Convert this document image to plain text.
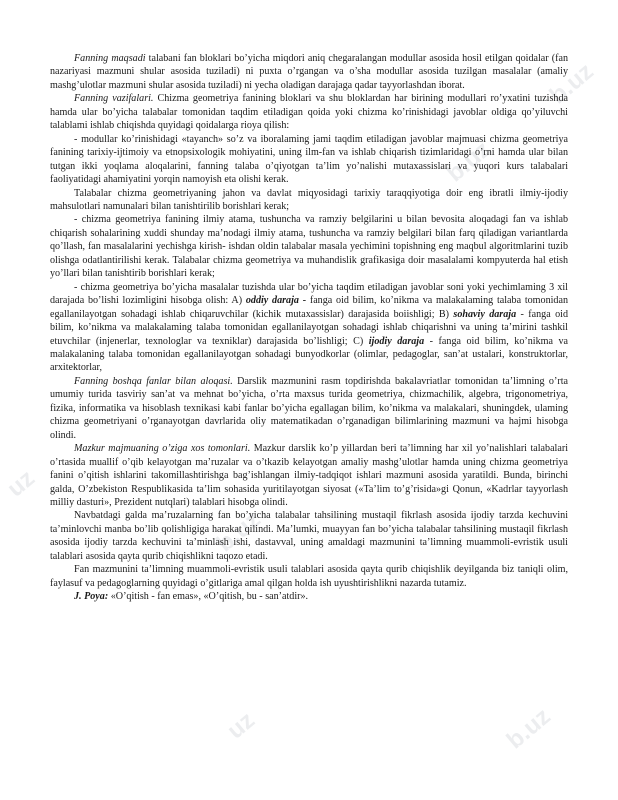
b.uz
b.uz
uz
b.uz
uz	b.uz

Fanning maqsadi talabani fan bloklari bo’yicha miqdori aniq chegaralangan modullar asosida hosil etilgan qoidalar (fan nazariyasi mazmuni shular asosida tuziladi) ni puxta o’rgangan va o’sha modullar asosida tuzilgan masalalar (amaliy mashg’ulotlar mazmuni shular asosida tuziladi) ni yecha oladigan darajaga qadar tayyorlashdan iborat.

Fanning vazifalari. Chizma geometriya fanining bloklari va shu bloklardan har birining modullari ro’yxatini tuzishda hamda ular bo’yicha talabalar tomonidan taqdim etiladigan qoida yoki chizma ko’rinishidagi javoblar oldiga qo’yiluvchi talablami ishlab chiqishda quyidagi qoidalarga rioya qilish:

- modullar ko’rinishidagi «tayanch» so’z va iboralaming jami taqdim etiladigan javoblar majmuasi chizma geometriya fanining tarixiy-ijtimoiy va etnopsixologik mohiyatini, uning ilm-fan va ishlab chiqarish tizimlaridagi o’rni hamda ular bilan tutgan ikki yoqlama aloqalarini, fanning talaba o’qiyotgan ta’lim yo’nalishi mutaxassislari va yuqori kurs talabalari faoliyatidagi ahamiyatini yorqin namoyish eta olishi kerak.

Talabalar chizma geometriyaning jahon va davlat miqyosidagi tarixiy taraqqiyotiga doir eng ibratli ilmiy-ijodiy mahsulotlari namunalari bilan tanishtirilib borishlari kerak;

- chizma geometriya fanining ilmiy atama, tushuncha va ramziy belgilarini u bilan bevosita aloqadagi fan va ishlab chiqarish sohalarining xuddi shunday ma’nodagi ilmiy atama, tushuncha va ramziy belgilari bilan farq qiladigan variantlarda qo’llash, fan masalalarini yechishga kirish- ishdan oldin talabalar masala yechimini topishning eng maqbul algoritmlarini tuzib olishga odatlantirilishi kerak. Talabalar chizma geometriya va muhandislik grafikasiga doir masalalami kompyuterda hal etish yo’llari bilan tanishtirib borishlari kerak;

- chizma geometriya bo’yicha masalalar tuzishda ular bo’yicha taqdim etiladigan javoblar soni yoki yechimlaming 3 xil darajada bo’lishi lozimligini hisobga olish: A) oddiy daraja - fanga oid bilim, ko’nikma va malakalaming talaba tomonidan egallanilayotgan sohadagi ishlab chiqaruvchilar (kichik mutaxassislar) darajasida boiishligi; B) sohaviy daraja - fanga oid bilim, ko’nikma va malakalaming talaba tomonidan egallanilayotgan sohadagi ishlab chiqarishni va uning ta’mirini tashkil etuvchilar (injenerlar, texnologlar va texniklar) darajasida bo’lishligi; C) ijodiy daraja - fanga oid bilim, ko’nikma va malakalaning talaba tomonidan egallanilayotgan sohadagi bunyodkorlar (olimlar, pedagoglar, san’at ustalari, konstruktorlar, arxitektorlar,

Fanning boshqa fanlar bilan aloqasi. Darslik mazmunini rasm topdirishda bakalavriatlar tomonidan ta’limning o’rta umumiy turida tasviriy san’at va mehnat bo’yicha, o’rta maxsus turida geometriya, chizmachilik, algebra, trigonometriya, fizika, informatika va hisoblash texnikasi kabi fanlar bo’yicha egallagan bilim, ko’nikma va malakalari, shuningdek, ulaming chizma geometriyani o’rganayotgan davrlarida oliy matematikadan o’rganadigan bilimlarining mazmuni va hajmi hisobga olindi.

Mazkur majmuaning o’ziga xos tomonlari. Mazkur darslik ko’p yillardan beri ta’limning har xil yo’nalishlari talabalari o’rtasida muallif o’qib kelayotgan ma’ruzalar va o’tkazib kelayotgan amaliy mashg’ulotlar hamda uning chizma geometriya fanini o’qitish ishlarini takomillashtirishga bag’ishlangan ilmiy-tadqiqot ishlari mazmuni asosida yaratildi. Bunda, birinchi galda, O’zbekiston Respublikasida ta’lim sohasida yuritilayotgan siyosat («Ta’lim to’g’risida»gi Qonun, «Kadrlar tayyorlash milliy dasturi», Prezident nutqlari) talablari hisobga olindi.

Navbatdagi galda ma’ruzalarning fan bo’yicha talabalar tahsilining mustaqil fikrlash asosida ijodiy tarzda kechuvini ta’minlovchi manba bo’lib qolishligiga harakat qilindi. Ma’lumki, muayyan fan bo’yicha talabalar tahsilining mustaqil fikrlash asosida ijodiy tarzda kechuvini ta’minlash ishi, dastavval, uning amaldagi mazmunini ta’limning muammoli-evristik usuli talablari asosida qayta qurib chiqishlikni taqozo etadi.

Fan mazmunini ta’limning muammoli-evristik usuli talablari asosida qayta qurib chiqishlik deyilganda biz taniqli olim, faylasuf va pedagoglarning quyidagi o’gitlariga amal qilgan holda ish uyushtirishlikni nazarda tutamiz.

J. Poya: «O’qitish - fan emas», «O’qitish, bu - san’atdir».
